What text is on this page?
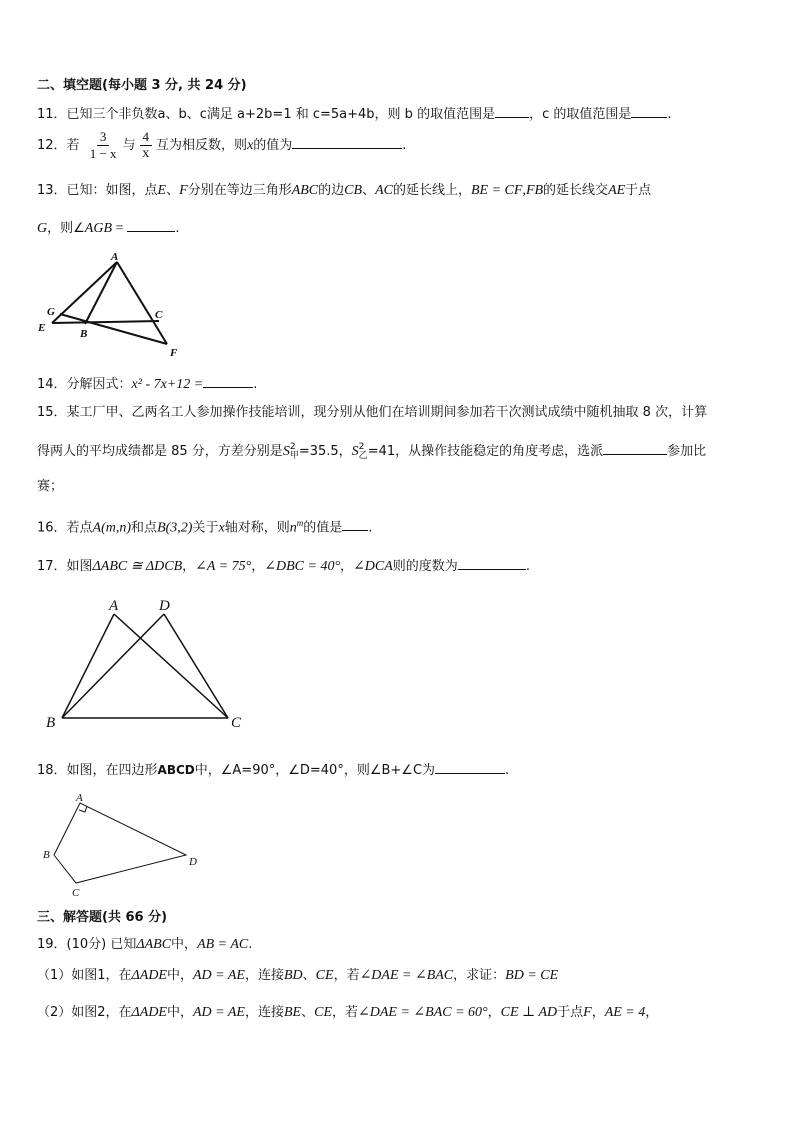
二、填空题(每小题 3 分, 共 24 分)
11．已知三个非负数a、b、c满足 a+2b=1 和 c=5a+4b，则 b 的取值范围是	，c 的取值范围是	.
12．若 $\frac{3}{1 - x}$ 与 $\frac{4}{x}$ 互为相反数，则x的值为	.
13．已知：如图，点E、F分别在等边三角形ABC的边CB、AC的延长线上，BE = CF,FB的延长线交AE于点
G，则∠AGB =	.
A
G	C
E	B
F
14．分解因式：x² - 7x+12 =	.
15．某工厂甲、乙两名工人参加操作技能培训，现分别从他们在培训期间参加若干次测试成绩中随机抽取 8 次，计算
得两人的平均成绩都是 85 分，方差分别是S 2
甲 =35.5，S 2
乙 =41，从操作技能稳定的角度考虑，选派	参加比
赛；
16．若点A(m,n)和点B(3,2)关于x轴对称，则$n^m$的值是 .
17．如图ΔABC ≅ ΔDCB，∠A = 75°，∠DBC = 40°，∠DCA则的度数为	.
A	D
B	C
18．如图，在四边形ABCD中，∠A=90°，∠D=40°，则∠B+∠C为	.
A
B
C
D
三、解答题(共 66 分)
19．(10分) 已知ΔABC中，AB = AC.
（1）如图1，在ΔADE中，AD = AE，连接BD、CE，若∠DAE = ∠BAC，求证：BD = CE
（2）如图2，在ΔADE中，AD = AE，连接BE、CE，若∠DAE = ∠BAC = 60°，CE ⊥ AD于点F，AE = 4，
